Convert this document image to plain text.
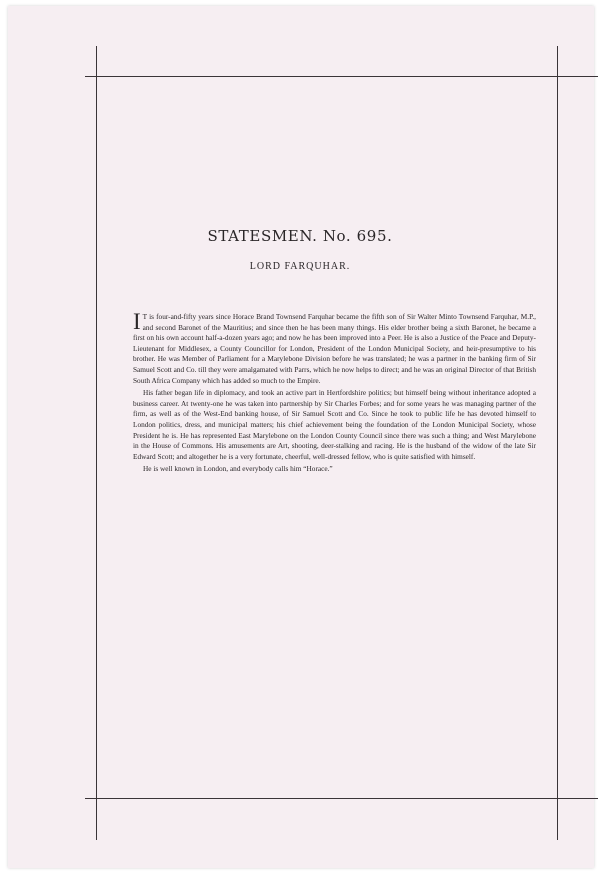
STATESMEN. No. 695.
LORD FARQUHAR.

I T is four-and-fifty years since Horace Brand Townsend Farquhar became the fifth son of Sir Walter Minto Townsend Farquhar, M.P., and second Baronet of the Mauritius; and since then he has been many things. His elder brother being a sixth Baronet, he became a first on his own account half-a-dozen years ago; and now he has been improved into a Peer. He is also a Justice of the Peace and Deputy-Lieutenant for Middlesex, a County Councillor for London, President of the London Municipal Society, and heir-presumptive to his brother. He was Member of Parliament for a Marylebone Division before he was translated; he was a partner in the banking firm of Sir Samuel Scott and Co. till they were amalgamated with Parrs, which he now helps to direct; and he was an original Director of that British South Africa Company which has added so much to the Empire.

His father began life in diplomacy, and took an active part in Hertfordshire politics; but himself being without inheritance adopted a business career. At twenty-one he was taken into partnership by Sir Charles Forbes; and for some years he was managing partner of the firm, as well as of the West-End banking house, of Sir Samuel Scott and Co. Since he took to public life he has devoted himself to London politics, dress, and municipal matters; his chief achievement being the foundation of the London Municipal Society, whose President he is. He has represented East Marylebone on the London County Council since there was such a thing; and West Marylebone in the House of Commons. His amusements are Art, shooting, deer-stalking and racing. He is the husband of the widow of the late Sir Edward Scott; and altogether he is a very fortunate, cheerful, well-dressed fellow, who is quite satisfied with himself.

He is well known in London, and everybody calls him “Horace.”
